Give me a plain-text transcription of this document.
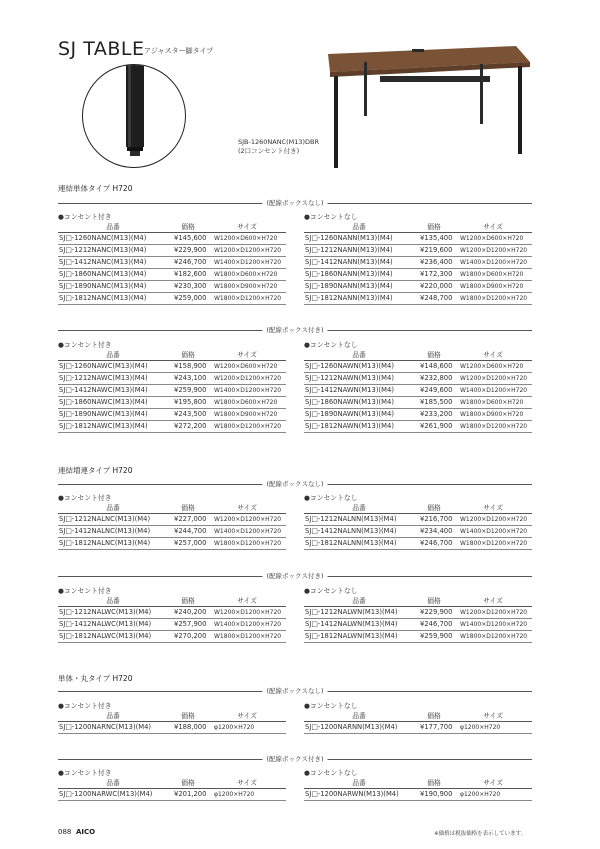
SJ TABLE アジャスター脚タイプ
SJB-1260NANC(M13)DBR
(2口コンセント付き)
連結単体タイプ H720
(配線ボックスなし)
●コンセント付き
品番	価格	サイズ
SJ□-1260NANC(M13)(M4)	¥145,600 W1200×D600×H720
SJ□-1212NANC(M13)(M4)	¥229,900 W1200×D1200×H720
SJ□-1412NANC(M13)(M4)	¥246,700 W1400×D1200×H720
SJ□-1860NANC(M13)(M4)	¥182,600 W1800×D600×H720
SJ□-1890NANC(M13)(M4)	¥230,300 W1800×D900×H720
SJ□-1812NANC(M13)(M4)	¥259,000 W1800×D1200×H720
●コンセントなし
品番	価格	サイズ
SJ□-1260NANN(M13)(M4)	¥135,400 W1200×D600×H720
SJ□-1212NANN(M13)(M4)	¥219,600 W1200×D1200×H720
SJ□-1412NANN(M13)(M4)	¥236,400 W1400×D1200×H720
SJ□-1860NANN(M13)(M4)	¥172,300 W1800×D600×H720
SJ□-1890NANN(M13)(M4)	¥220,000 W1800×D900×H720
SJ□-1812NANN(M13)(M4)	¥248,700 W1800×D1200×H720
(配線ボックス付き)
●コンセント付き
品番	価格	サイズ
SJ□-1260NAWC(M13)(M4)	¥158,900 W1200×D600×H720
SJ□-1212NAWC(M13)(M4)	¥243,100 W1200×D1200×H720
SJ□-1412NAWC(M13)(M4)	¥259,900 W1400×D1200×H720
SJ□-1860NAWC(M13)(M4)	¥195,800 W1800×D600×H720
SJ□-1890NAWC(M13)(M4)	¥243,500 W1800×D900×H720
SJ□-1812NAWC(M13)(M4)	¥272,200 W1800×D1200×H720
●コンセントなし
品番	価格	サイズ
SJ□-1260NAWN(M13)(M4)	¥148,600 W1200×D600×H720
SJ□-1212NAWN(M13)(M4)	¥232,800 W1200×D1200×H720
SJ□-1412NAWN(M13)(M4)	¥249,600 W1400×D1200×H720
SJ□-1860NAWN(M13)(M4)	¥185,500 W1800×D600×H720
SJ□-1890NAWN(M13)(M4)	¥233,200 W1800×D900×H720
SJ□-1812NAWN(M13)(M4)	¥261,900 W1800×D1200×H720
連結増連タイプ H720
(配線ボックスなし)
●コンセント付き
品番	価格	サイズ
SJ□-1212NALNC(M13)(M4)	¥227,000 W1200×D1200×H720
SJ□-1412NALNC(M13)(M4)	¥244,700 W1400×D1200×H720
SJ□-1812NALNC(M13)(M4)	¥257,000 W1800×D1200×H720
●コンセントなし
品番	価格	サイズ
SJ□-1212NALNN(M13)(M4)	¥216,700 W1200×D1200×H720
SJ□-1412NALNN(M13)(M4)	¥234,400 W1400×D1200×H720
SJ□-1812NALNN(M13)(M4)	¥246,700 W1800×D1200×H720
(配線ボックス付き)
●コンセント付き
品番	価格	サイズ
SJ□-1212NALWC(M13)(M4)	¥240,200 W1200×D1200×H720
SJ□-1412NALWC(M13)(M4)	¥257,900 W1400×D1200×H720
SJ□-1812NALWC(M13)(M4)	¥270,200 W1800×D1200×H720
●コンセントなし
品番	価格	サイズ
SJ□-1212NALWN(M13)(M4)	¥229,900 W1200×D1200×H720
SJ□-1412NALWN(M13)(M4)	¥246,700 W1400×D1200×H720
SJ□-1812NALWN(M13)(M4)	¥259,900 W1800×D1200×H720
単体・丸タイプ H720
(配線ボックスなし)
●コンセント付き
品番	価格	サイズ
SJ□-1200NARNC(M13)(M4)	¥188,000 φ1200×H720
●コンセントなし
品番	価格	サイズ
SJ□-1200NARNN(M13)(M4)	¥177,700 φ1200×H720
(配線ボックス付き)
●コンセント付き
品番	価格	サイズ
SJ□-1200NARWC(M13)(M4)	¥201,200 φ1200×H720
●コンセントなし
品番	価格	サイズ
SJ□-1200NARWN(M13)(M4)	¥190,900 φ1200×H720
088 AICO	※価格は税抜価格を表示しています。
